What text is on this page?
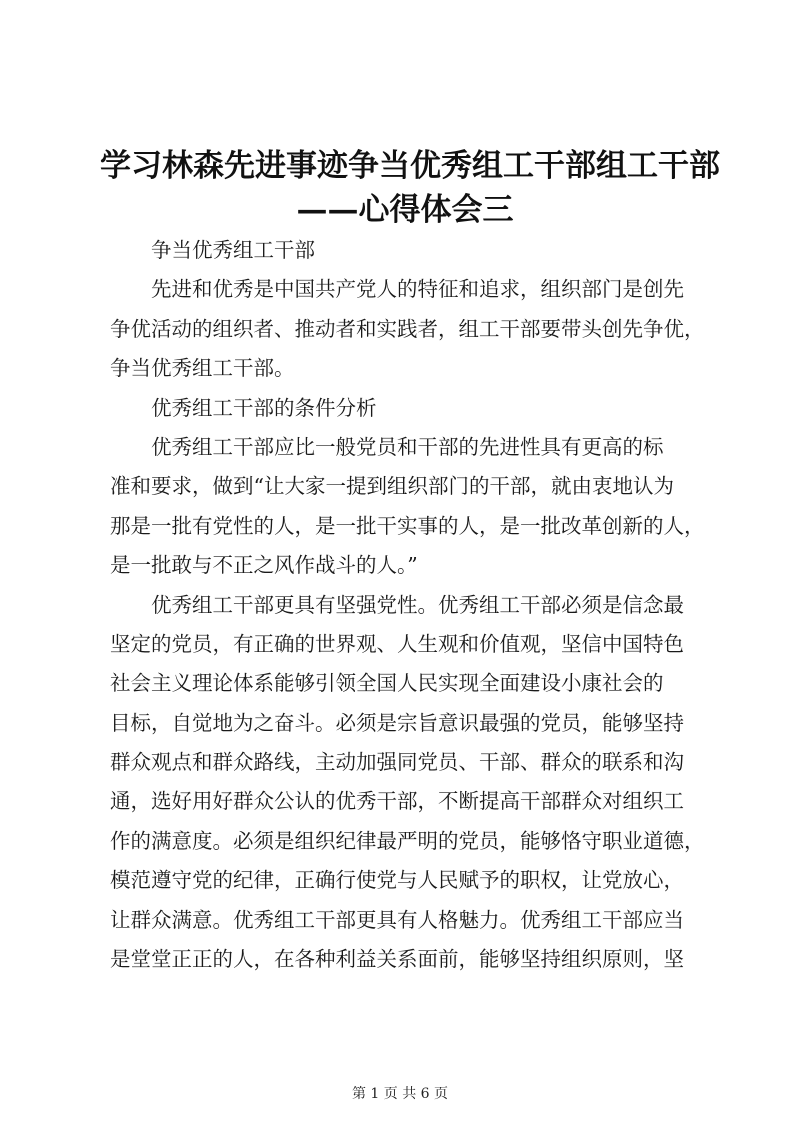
学习林森先进事迹争当优秀组工干部组工干部
——心得体会三
争当优秀组工干部
先进和优秀是中国共产党人的特征和追求，组织部门是创先
争优活动的组织者、推动者和实践者，组工干部要带头创先争优，
争当优秀组工干部。
优秀组工干部的条件分析
优秀组工干部应比一般党员和干部的先进性具有更高的标
准和要求，做到“让大家一提到组织部门的干部，就由衷地认为
那是一批有党性的人，是一批干实事的人，是一批改革创新的人，
是一批敢与不正之风作战斗的人。”
优秀组工干部更具有坚强党性。优秀组工干部必须是信念最
坚定的党员，有正确的世界观、人生观和价值观，坚信中国特色
社会主义理论体系能够引领全国人民实现全面建设小康社会的
目标，自觉地为之奋斗。必须是宗旨意识最强的党员，能够坚持
群众观点和群众路线，主动加强同党员、干部、群众的联系和沟
通，选好用好群众公认的优秀干部，不断提高干部群众对组织工
作的满意度。必须是组织纪律最严明的党员，能够恪守职业道德，
模范遵守党的纪律，正确行使党与人民赋予的职权，让党放心，
让群众满意。优秀组工干部更具有人格魅力。优秀组工干部应当
是堂堂正正的人，在各种利益关系面前，能够坚持组织原则，坚
第 1 页 共 6 页
